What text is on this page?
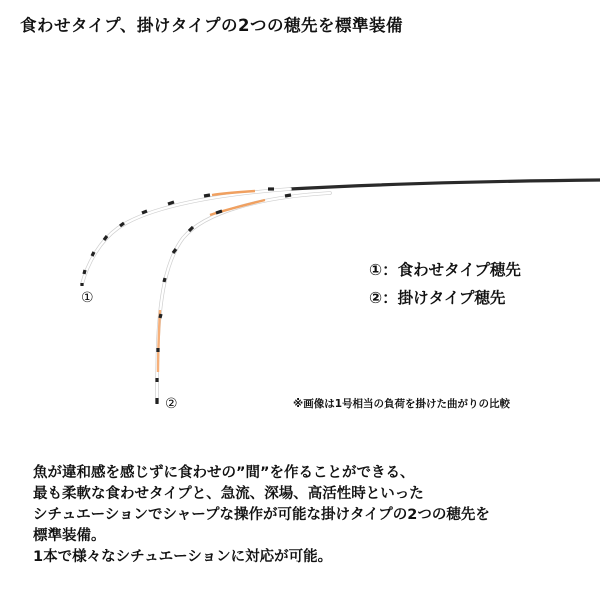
食わせタイプ、掛けタイプの2つの穂先を標準装備
①
②
①：食わせタイプ穂先
②：掛けタイプ穂先
※画像は1号相当の負荷を掛けた曲がりの比較
魚が違和感を感じずに食わせの”間”を作ることができる、
最も柔軟な食わせタイプと、急流、深場、高活性時といった
シチュエーションでシャープな操作が可能な掛けタイプの2つの穂先を
標準装備。
1本で様々なシチュエーションに対応が可能。
